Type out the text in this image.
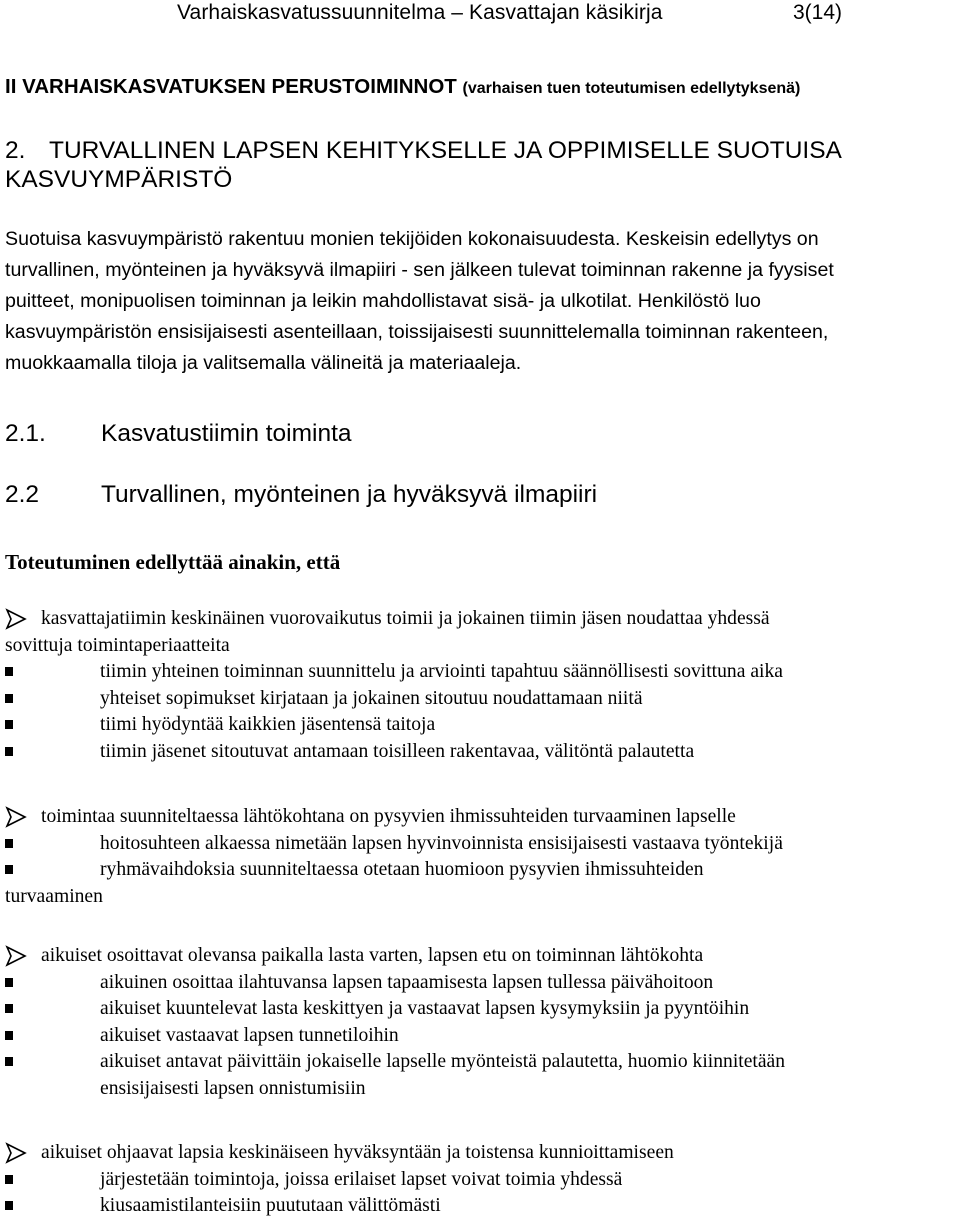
Varhaiskasvatussuunnitelma – Kasvattajan käsikirja	3(14)
II VARHAISKASVATUKSEN PERUSTOIMINNOT (varhaisen tuen toteutumisen edellytyksenä)
2. TURVALLINEN LAPSEN KEHITYKSELLE JA OPPIMISELLE SUOTUISA
KASVUYMPÄRISTÖ
Suotuisa kasvuympäristö rakentuu monien tekijöiden kokonaisuudesta. Keskeisin edellytys on
turvallinen, myönteinen ja hyväksyvä ilmapiiri - sen jälkeen tulevat toiminnan rakenne ja fyysiset
puitteet, monipuolisen toiminnan ja leikin mahdollistavat sisä- ja ulkotilat. Henkilöstö luo
kasvuympäristön ensisijaisesti asenteillaan, toissijaisesti suunnittelemalla toiminnan rakenteen,
muokkaamalla tiloja ja valitsemalla välineitä ja materiaaleja.
2.1. Kasvatustiimin toiminta
2.2	Turvallinen, myönteinen ja hyväksyvä ilmapiiri
Toteutuminen edellyttää ainakin, että
kasvattajatiimin keskinäinen vuorovaikutus toimii ja jokainen tiimin jäsen noudattaa yhdessä
sovittuja toimintaperiaatteita
tiimin yhteinen toiminnan suunnittelu ja arviointi tapahtuu säännöllisesti sovittuna aika
yhteiset sopimukset kirjataan ja jokainen sitoutuu noudattamaan niitä
tiimi hyödyntää kaikkien jäsentensä taitoja
tiimin jäsenet sitoutuvat antamaan toisilleen rakentavaa, välitöntä palautetta
toimintaa suunniteltaessa lähtökohtana on pysyvien ihmissuhteiden turvaaminen lapselle
hoitosuhteen alkaessa nimetään lapsen hyvinvoinnista ensisijaisesti vastaava työntekijä
ryhmävaihdoksia suunniteltaessa otetaan huomioon pysyvien ihmissuhteiden
turvaaminen
aikuiset osoittavat olevansa paikalla lasta varten, lapsen etu on toiminnan lähtökohta
aikuinen osoittaa ilahtuvansa lapsen tapaamisesta lapsen tullessa päivähoitoon
aikuiset kuuntelevat lasta keskittyen ja vastaavat lapsen kysymyksiin ja pyyntöihin
aikuiset vastaavat lapsen tunnetiloihin
aikuiset antavat päivittäin jokaiselle lapselle myönteistä palautetta, huomio kiinnitetään
ensisijaisesti lapsen onnistumisiin
aikuiset ohjaavat lapsia keskinäiseen hyväksyntään ja toistensa kunnioittamiseen
järjestetään toimintoja, joissa erilaiset lapset voivat toimia yhdessä
kiusaamistilanteisiin puututaan välittömästi
